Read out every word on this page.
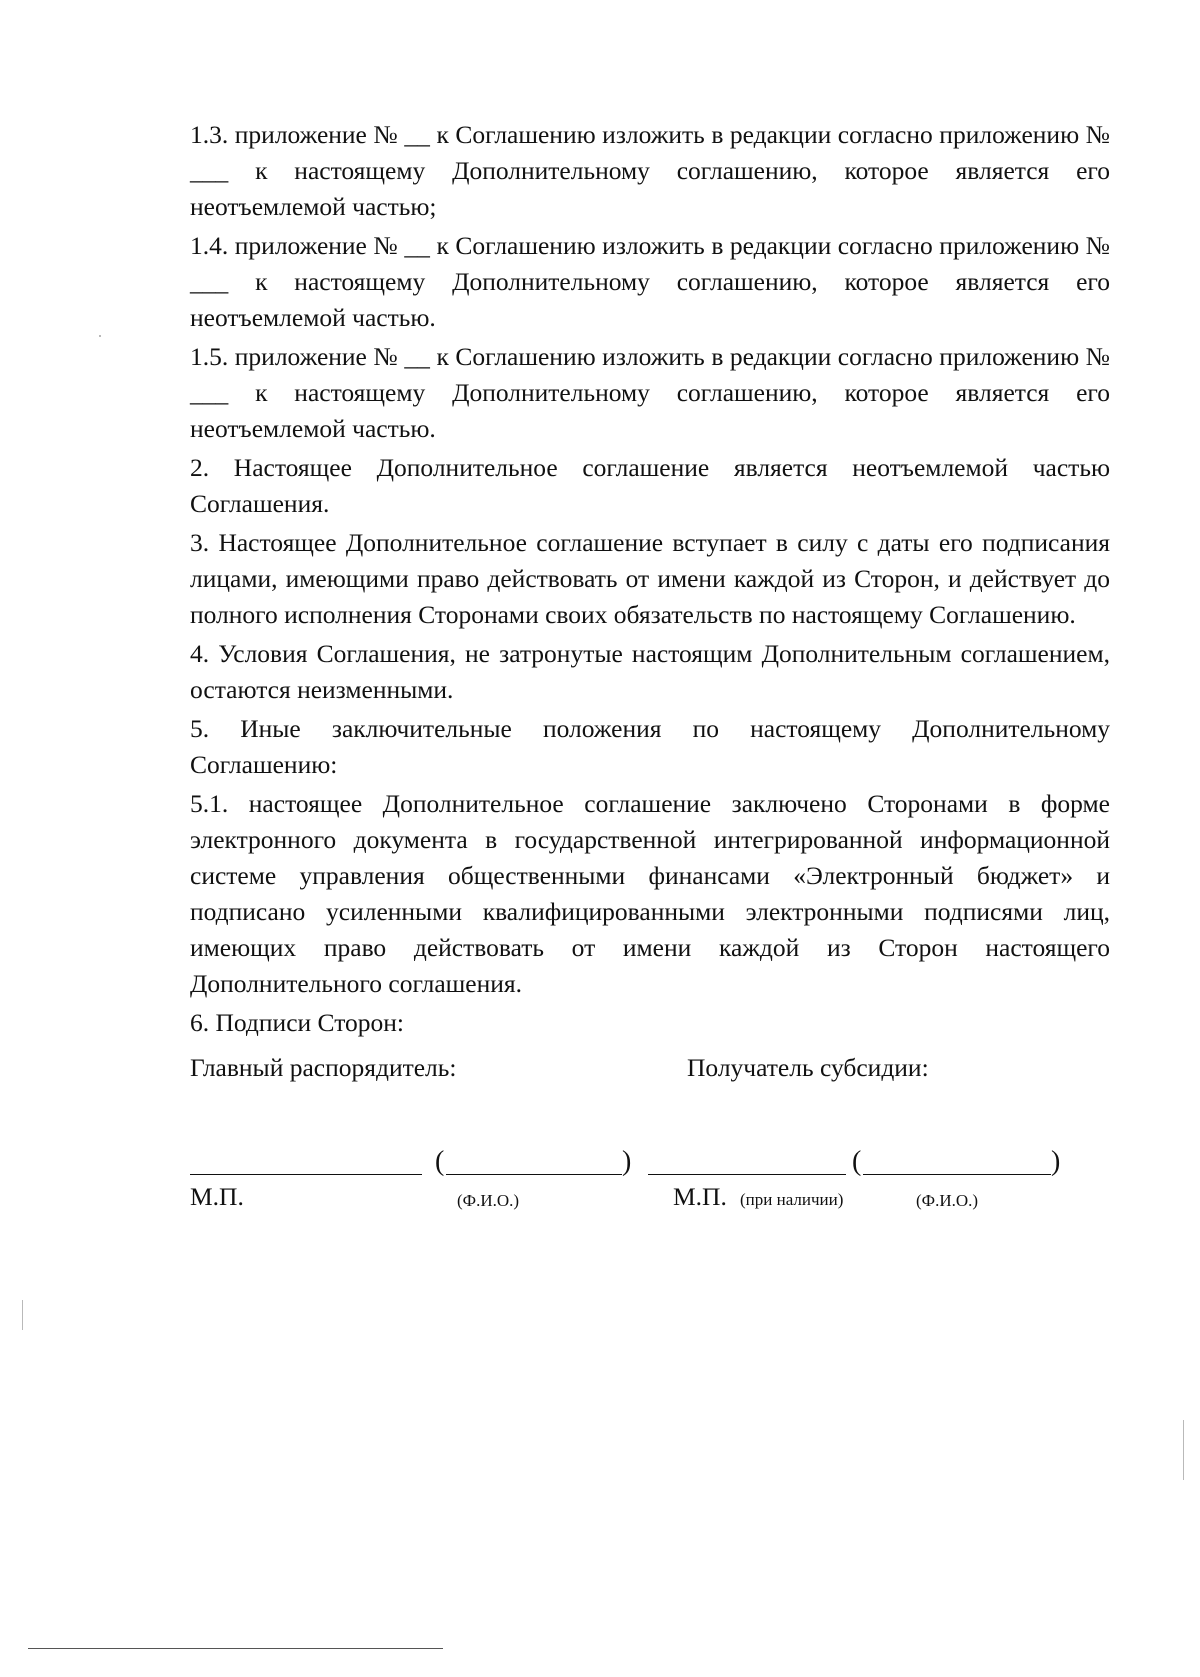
1.3. приложение № __ к Соглашению изложить в редакции согласно приложению № ___ к настоящему Дополнительному соглашению, которое является его неотъемлемой частью;

1.4. приложение № __ к Соглашению изложить в редакции согласно приложению № ___ к настоящему Дополнительному соглашению, которое является его неотъемлемой частью.

1.5. приложение № __ к Соглашению изложить в редакции согласно приложению № ___ к настоящему Дополнительному соглашению, которое является его неотъемлемой частью.

2. Настоящее Дополнительное соглашение является неотъемлемой частью Соглашения.

3. Настоящее Дополнительное соглашение вступает в силу с даты его подписания лицами, имеющими право действовать от имени каждой из Сторон, и действует до полного исполнения Сторонами своих обязательств по настоящему Соглашению.

4. Условия Соглашения, не затронутые настоящим Дополнительным соглашением, остаются неизменными.

5. Иные заключительные положения по настоящему Дополнительному Соглашению:

5.1. настоящее Дополнительное соглашение заключено Сторонами в форме электронного документа в государственной интегрированной информационной системе управления общественными финансами «Электронный бюджет» и подписано усиленными квалифицированными электронными подписями лиц, имеющих право действовать от имени каждой из Сторон настоящего Дополнительного соглашения.

6. Подписи Сторон:

Главный распорядитель:	Получатель субсидии:
(	)	(	)
М.П.	(Ф.И.О.)	М.П. (при наличии)	(Ф.И.О.)
